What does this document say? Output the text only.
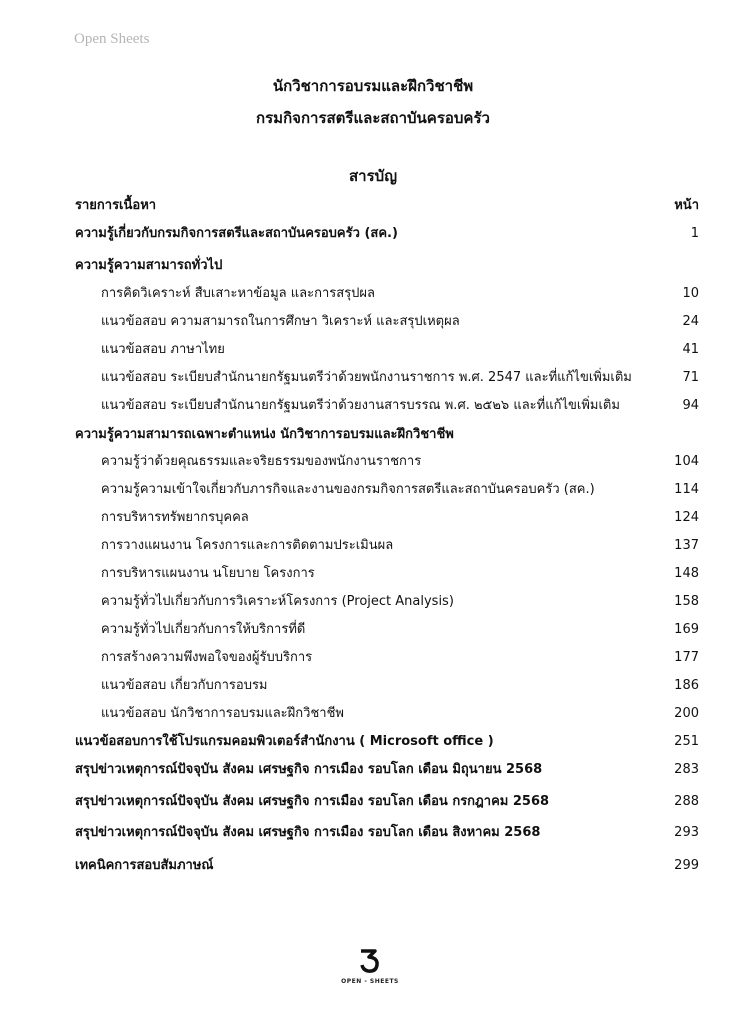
Open Sheets
นักวิชาการอบรมและฝึกวิชาชีพ
กรมกิจการสตรีและสถาบันครอบครัว
สารบัญ
รายการเนื้อหา	หน้า
ความรู้เกี่ยวกับกรมกิจการสตรีและสถาบันครอบครัว (สค.)	1
ความรู้ความสามารถทั่วไป
การคิดวิเคราะห์ สืบเสาะหาข้อมูล และการสรุปผล	10
แนวข้อสอบ ความสามารถในการศึกษา วิเคราะห์ และสรุปเหตุผล	24
แนวข้อสอบ ภาษาไทย	41
แนวข้อสอบ ระเบียบสำนักนายกรัฐมนตรีว่าด้วยพนักงานราชการ พ.ศ. 2547 และที่แก้ไขเพิ่มเติม	71
แนวข้อสอบ ระเบียบสำนักนายกรัฐมนตรีว่าด้วยงานสารบรรณ พ.ศ. ๒๕๒๖ และที่แก้ไขเพิ่มเติม	94
ความรู้ความสามารถเฉพาะตำแหน่ง นักวิชาการอบรมและฝึกวิชาชีพ
ความรู้ว่าด้วยคุณธรรมและจริยธรรมของพนักงานราชการ	104
ความรู้ความเข้าใจเกี่ยวกับภารกิจและงานของกรมกิจการสตรีและสถาบันครอบครัว (สค.)	114
การบริหารทรัพยากรบุคคล	124
การวางแผนงาน โครงการและการติดตามประเมินผล	137
การบริหารแผนงาน นโยบาย โครงการ	148
ความรู้ทั่วไปเกี่ยวกับการวิเคราะห์โครงการ (Project Analysis)	158
ความรู้ทั่วไปเกี่ยวกับการให้บริการที่ดี	169
การสร้างความพึงพอใจของผู้รับบริการ	177
แนวข้อสอบ เกี่ยวกับการอบรม	186
แนวข้อสอบ นักวิชาการอบรมและฝึกวิชาชีพ	200
แนวข้อสอบการใช้โปรแกรมคอมพิวเตอร์สำนักงาน ( Microsoft office )	251
สรุปข่าวเหตุการณ์ปัจจุบัน สังคม เศรษฐกิจ การเมือง รอบโลก เดือน มิถุนายน 2568	283
สรุปข่าวเหตุการณ์ปัจจุบัน สังคม เศรษฐกิจ การเมือง รอบโลก เดือน กรกฎาคม 2568	288
สรุปข่าวเหตุการณ์ปัจจุบัน สังคม เศรษฐกิจ การเมือง รอบโลก เดือน สิงหาคม 2568	293
เทคนิคการสอบสัมภาษณ์	299
OPEN - SHEETS
